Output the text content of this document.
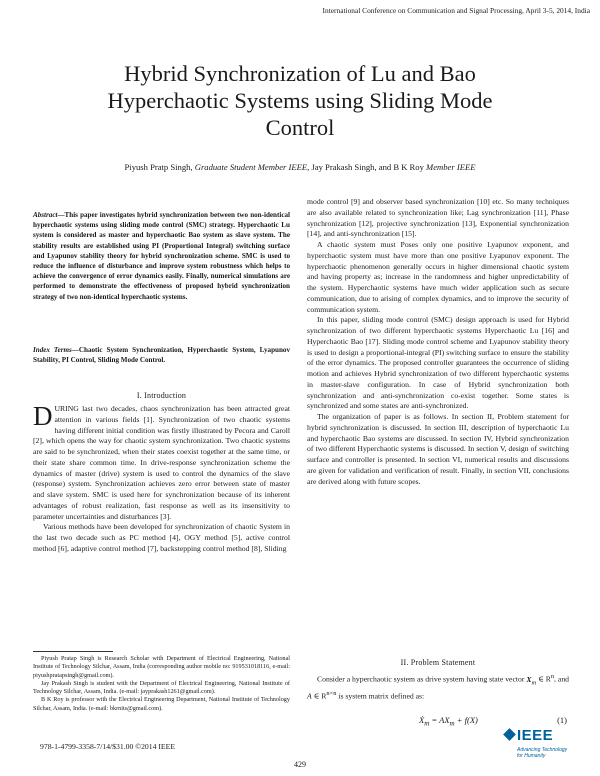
International Conference on Communication and Signal Processing, April 3-5, 2014, India
Hybrid Synchronization of Lu and Bao
Hyperchaotic Systems using Sliding Mode
Control
Piyush Pratp Singh, Graduate Student Member IEEE, Jay Prakash Singh, and B K Roy Member IEEE
Abstract—This paper investigates hybrid synchronization between two non-identical hyperchaotic systems using sliding mode control (SMC) strategy. Hyperchaotic Lu system is considered as master and hyperchaotic Bao system as slave system. The stability results are established using PI (Proportional Integral) switching surface and Lyapunov stability theory for hybrid synchronization scheme. SMC is used to reduce the influence of disturbance and improve system robustness which helps to achieve the convergence of error dynamics easily. Finally, numerical simulations are performed to demonstrate the effectiveness of proposed hybrid synchronization strategy of two non-identical hyperchaotic systems.
Index Terms—Chaotic System Synchronization, Hyperchaotic System, Lyapunov Stability, PI Control, Sliding Mode Control.
I. Introduction

DURING last two decades, chaos synchronization has been attracted great attention in various fields [1]. Synchronization of two chaotic systems having different initial condition was firstly illustrated by Pecora and Caroll [2], which opens the way for chaotic system synchronization. Two chaotic systems are said to be synchronized, when their states coexist together at the same time, or their state share common time. In drive-response synchronization scheme the dynamics of master (drive) system is used to control the dynamics of the slave (response) system. Synchronization achieves zero error between state of master and slave system. SMC is used here for synchronization because of its inherent advantages of robust realization, fast response as well as its insensitivity to parameter uncertainties and disturbances [3].

Various methods have been developed for synchronization of chaotic System in the last two decade such as PC method [4], OGY method [5], active control method [6], adaptive control method [7], backstepping control method [8], Sliding

Piyush Pratap Singh is Research Scholar with Department of Electrical Engineering, National Institute of Technology Silchar, Assam, India (corresponding author mobile no: 919531018116, e-mail: piyushpratapsingh@gmail.com).

Jay Prakash Singh is student with the Department of Electrical Engineering, National Institute of Technology Silchar, Assam, India. (e-mail: jayprakash1261@gmail.com).

B K Roy is professor with the Electrical Engineering Department, National Institute of Technology Silchar, Assam, India. (e-mail: bkrnits@gmail.com).

978-1-4799-3358-7/14/$31.00 ©2014 IEEE

mode control [9] and observer based synchronization [10] etc. So many techniques are also available related to synchronization like; Lag synchronization [11], Phase synchronization [12], projective synchronization [13], Exponential synchronization [14], and anti-synchronization [15].

A chaotic system must Poses only one positive Lyapunov exponent, and hyperchaotic system must have more than one positive Lyapunov exponent. The hyperchaotic phenomenon generally occurs in higher dimensional chaotic system and having property as; increase in the randomness and higher unpredictability of the system. Hyperchaotic systems have much wider application such as secure communication, due to arising of complex dynamics, and to improve the security of communication system.

In this paper, sliding mode control (SMC) design approach is used for Hybrid synchronization of two different hyperchaotic systems Hyperchaotic Lu [16] and Hyperchaotic Bao [17]. Sliding mode control scheme and Lyapunov stability theory is used to design a proportional-integral (PI) switching surface to ensure the stability of the error dynamics. The proposed controller guarantees the occurrence of sliding motion and achieves Hybrid synchronization of two different hyperchaotic systems in master-slave configuration. In case of Hybrid synchronization both synchronization and anti-synchronization co-exist together. Some states is synchronized and some states are anti-synchronized.

The organization of paper is as follows. In section II, Problem statement for hybrid synchronization is discussed. In section III, description of hyperchaotic Lu and hyperchaotic Bao systems are discussed. In section IV, Hybrid synchronization of two different Hyperchaotic systems is discussed. In section V, design of switching surface and controller is presented. In section VI, numerical results and discussions are given for validation and verification of result. Finally, in section VII, conclusions are derived along with future scopes.

II. Problem Statement

Consider a hyperchaotic system as drive system having state vector $X_m$ ∈ $R^n$, and A ∈ $R^{n\times n}$ is system matrix defined as:

Ẋ$_m$ = $AX_m + f(X)$	(1)
IEEE
Advancing Technology
for Humanity
429
